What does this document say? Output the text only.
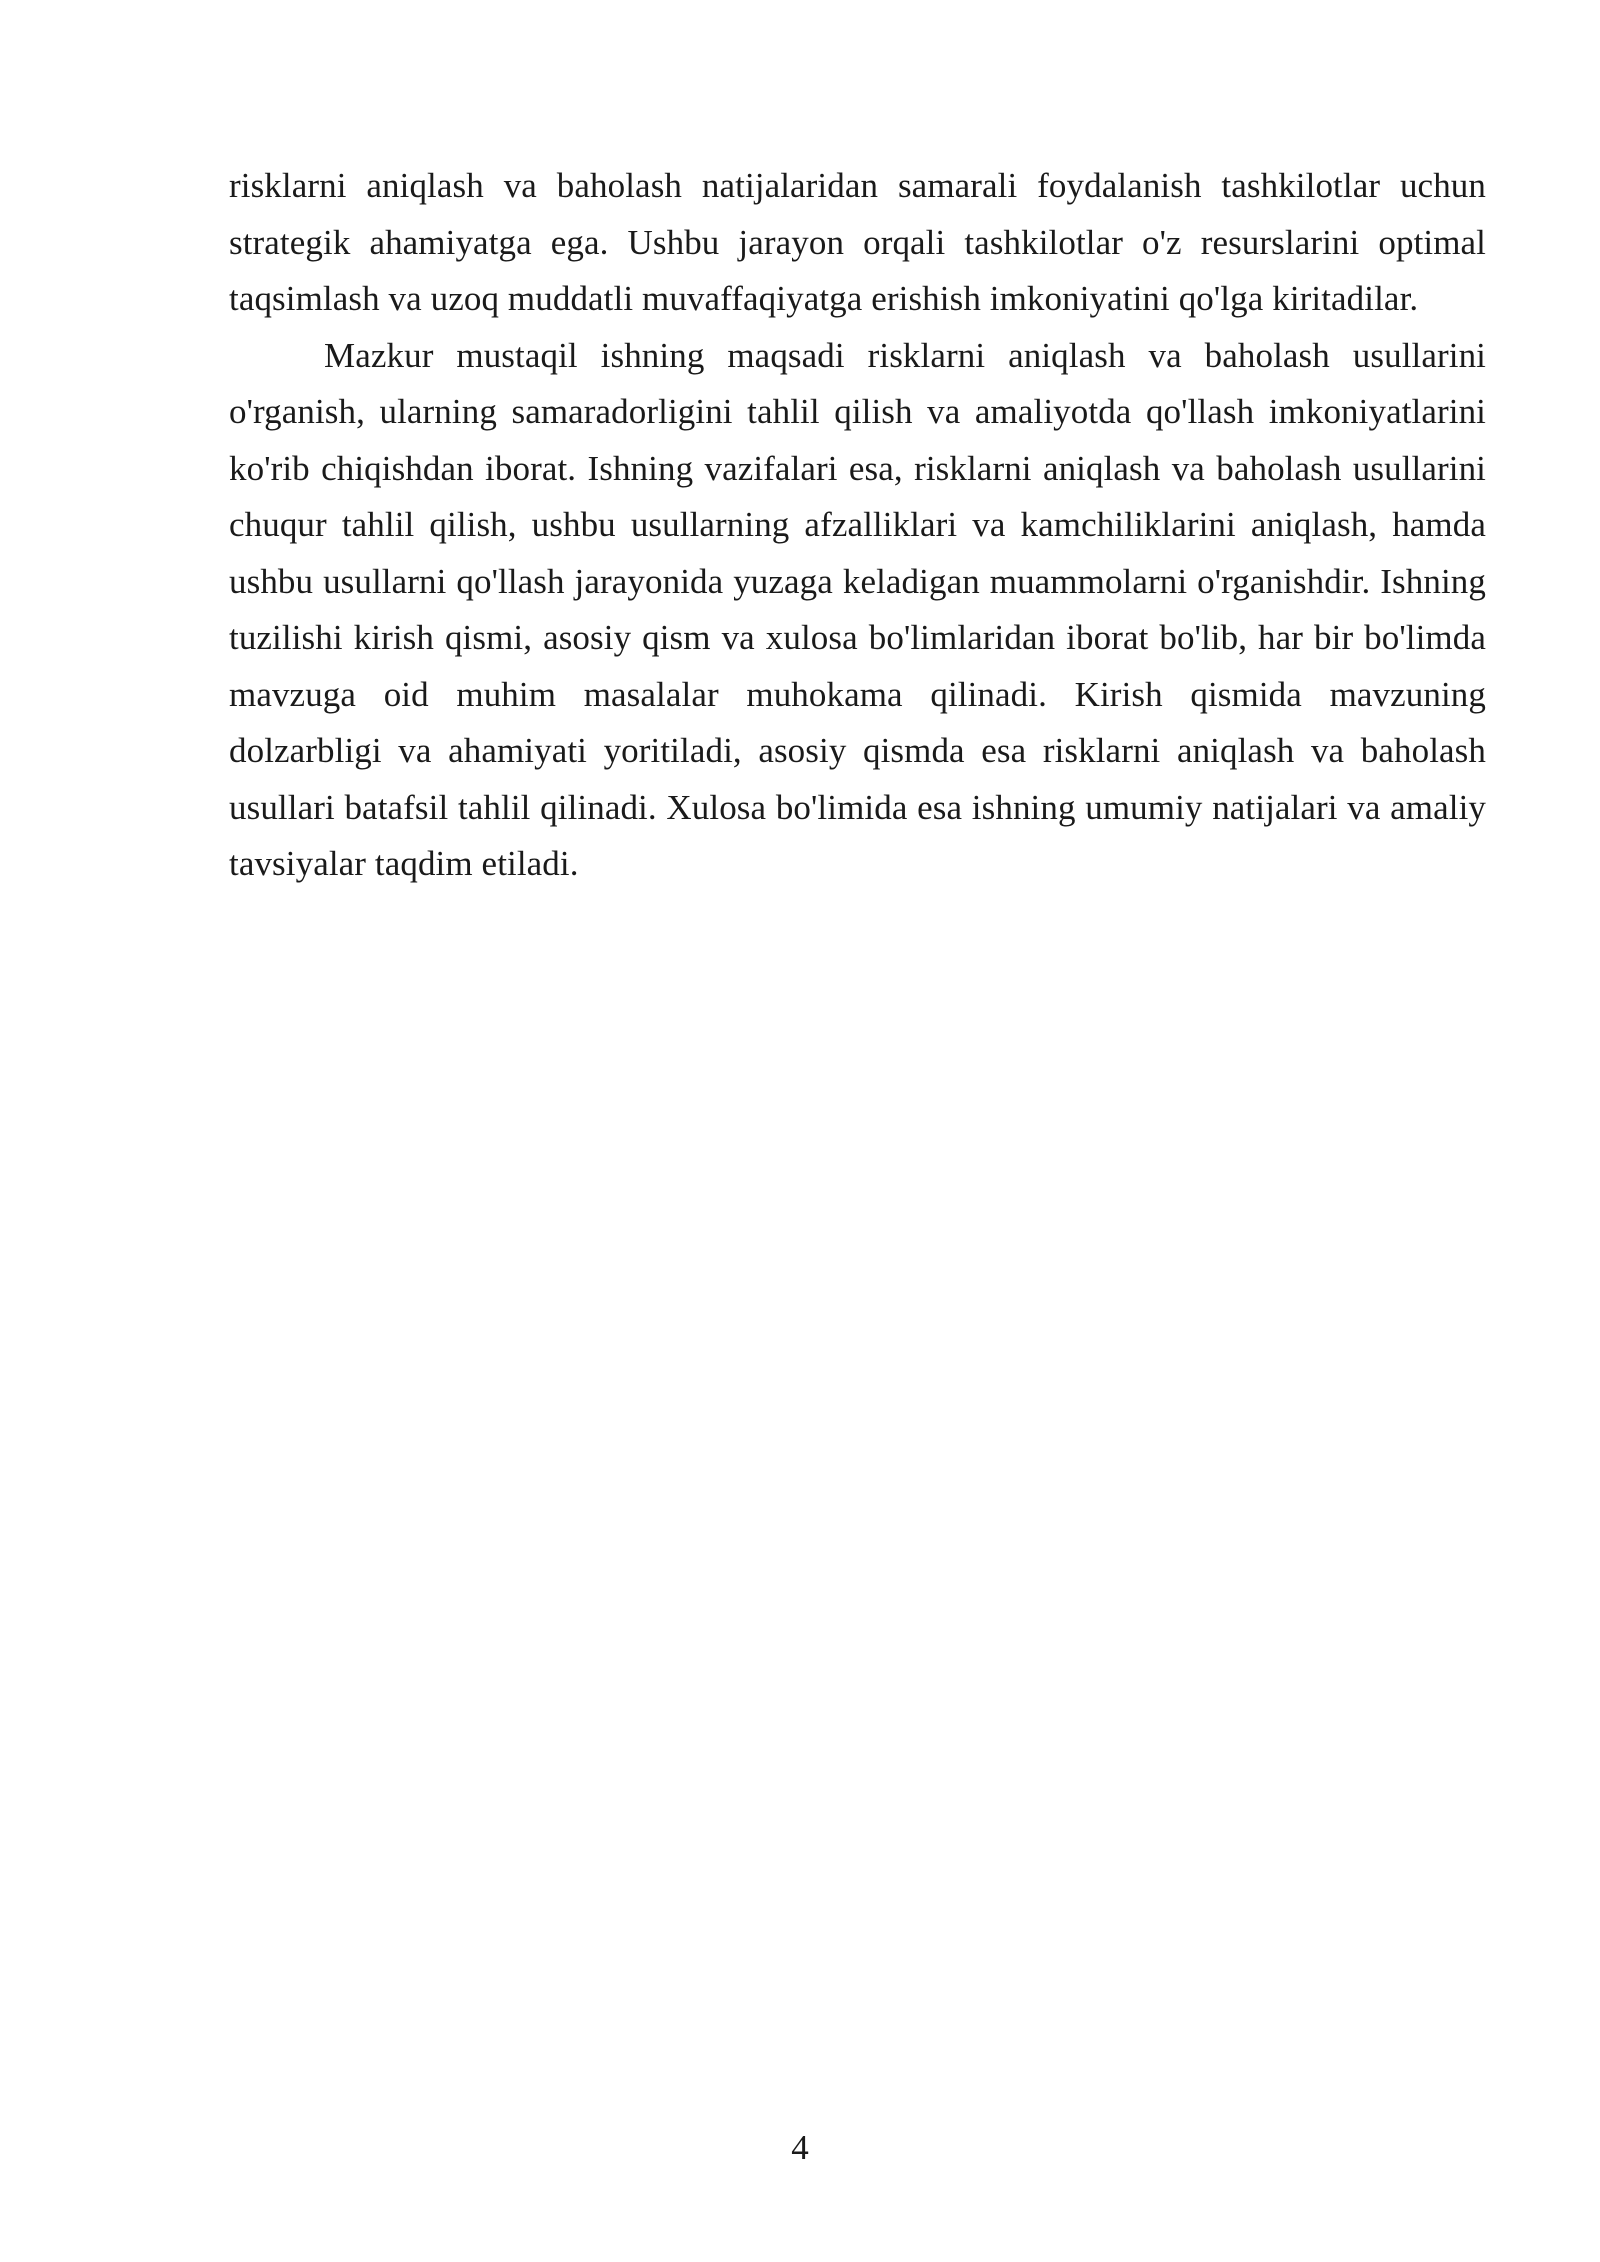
risklarni aniqlash va baholash natijalaridan samarali foydalanish tashkilotlar uchun strategik ahamiyatga ega. Ushbu jarayon orqali tashkilotlar o'z resurslarini optimal taqsimlash va uzoq muddatli muvaffaqiyatga erishish imkoniyatini qo'lga kiritadilar.

Mazkur mustaqil ishning maqsadi risklarni aniqlash va baholash usullarini o'rganish, ularning samaradorligini tahlil qilish va amaliyotda qo'llash imkoniyatlarini ko'rib chiqishdan iborat. Ishning vazifalari esa, risklarni aniqlash va baholash usullarini chuqur tahlil qilish, ushbu usullarning afzalliklari va kamchiliklarini aniqlash, hamda ushbu usullarni qo'llash jarayonida yuzaga keladigan muammolarni o'rganishdir. Ishning tuzilishi kirish qismi, asosiy qism va xulosa bo'limlaridan iborat bo'lib, har bir bo'limda mavzuga oid muhim masalalar muhokama qilinadi. Kirish qismida mavzuning dolzarbligi va ahamiyati yoritiladi, asosiy qismda esa risklarni aniqlash va baholash usullari batafsil tahlil qilinadi. Xulosa bo'limida esa ishning umumiy natijalari va amaliy tavsiyalar taqdim etiladi.

4
